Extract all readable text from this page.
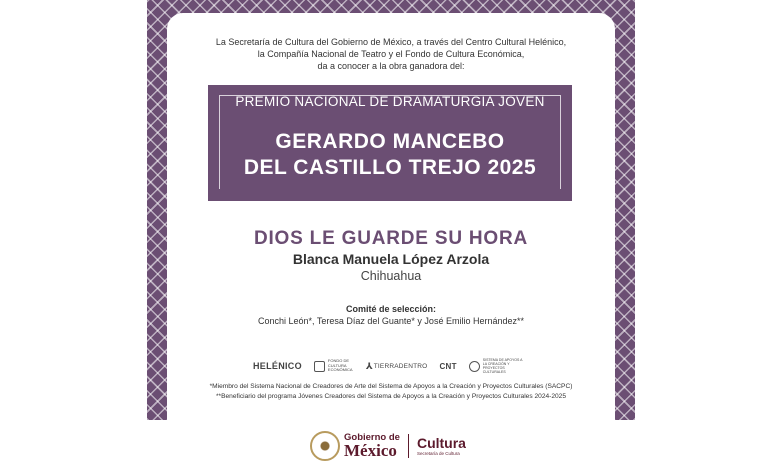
La Secretaría de Cultura del Gobierno de México, a través del Centro Cultural Helénico,
la Compañía Nacional de Teatro y el Fondo de Cultura Económica,
da a conocer a la obra ganadora del:
PREMIO NACIONAL DE DRAMATURGIA JOVEN
GERARDO MANCEBO
DEL CASTILLO TREJO 2025
DIOS LE GUARDE SU HORA
Blanca Manuela López Arzola
Chihuahua
Comité de selección:
Conchi León*, Teresa Díaz del Guante* y José Emilio Hernández**
HELÉNICO
FONDO DE CULTURA ECONÓMICA ⅄ TIERRADENTRO CNT
SISTEMA DE APOYOS A LA CREACIÓN Y PROYECTOS CULTURALES
*Miembro del Sistema Nacional de Creadores de Arte del Sistema de Apoyos a la Creación y Proyectos Culturales (SACPC)
**Beneficiario del programa Jóvenes Creadores del Sistema de Apoyos a la Creación y Proyectos Culturales 2024-2025
Gobierno de
México Cultura
Secretaría de Cultura
